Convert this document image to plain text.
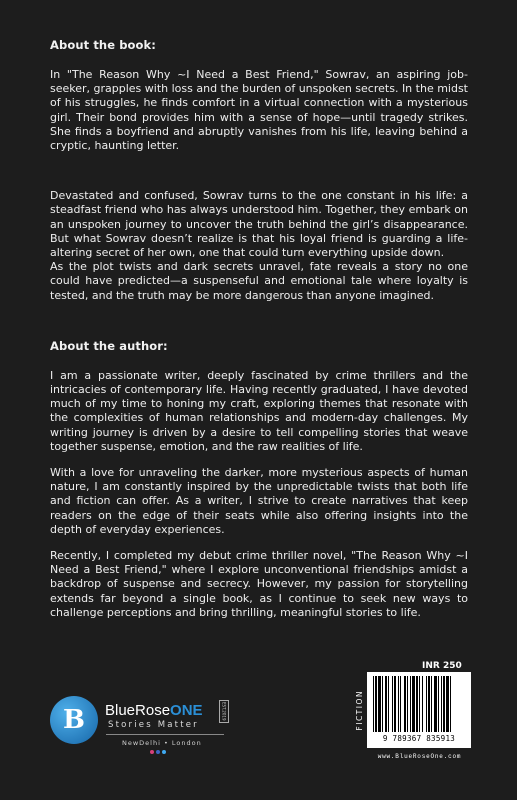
About the book:

In "The Reason Why ~I Need a Best Friend," Sowrav, an aspiring job-seeker, grapples with loss and the burden of unspoken secrets. In the midst of his struggles, he finds comfort in a virtual connection with a mysterious girl. Their bond provides him with a sense of hope—until tragedy strikes. She finds a boyfriend and abruptly vanishes from his life, leaving behind a cryptic, haunting letter.

Devastated and confused, Sowrav turns to the one constant in his life: a steadfast friend who has always understood him. Together, they embark on an unspoken journey to uncover the truth behind the girl’s disappearance. But what Sowrav doesn’t realize is that his loyal friend is guarding a life-altering secret of her own, one that could turn everything upside down.

As the plot twists and dark secrets unravel, fate reveals a story no one could have predicted—a suspenseful and emotional tale where loyalty is tested, and the truth may be more dangerous than anyone imagined.

About the author:

I am a passionate writer, deeply fascinated by crime thrillers and the intricacies of contemporary life. Having recently graduated, I have devoted much of my time to honing my craft, exploring themes that resonate with the complexities of human relationships and modern-day challenges. My writing journey is driven by a desire to tell compelling stories that weave together suspense, emotion, and the raw realities of life.

With a love for unraveling the darker, more mysterious aspects of human nature, I am constantly inspired by the unpredictable twists that both life and fiction can offer. As a writer, I strive to create narratives that keep readers on the edge of their seats while also offering insights into the depth of everyday experiences.

Recently, I completed my debut crime thriller novel, "The Reason Why ~I Need a Best Friend," where I explore unconventional friendships amidst a backdrop of suspense and secrecy. However, my passion for storytelling extends far beyond a single book, as I continue to seek new ways to challenge perceptions and bring thrilling, meaningful stories to life.

B BlueRoseONE	EST.2019
Stories Matter
NewDelhi • London
INR 250
FICTION
9 789367 835913
www.BlueRoseOne.com
